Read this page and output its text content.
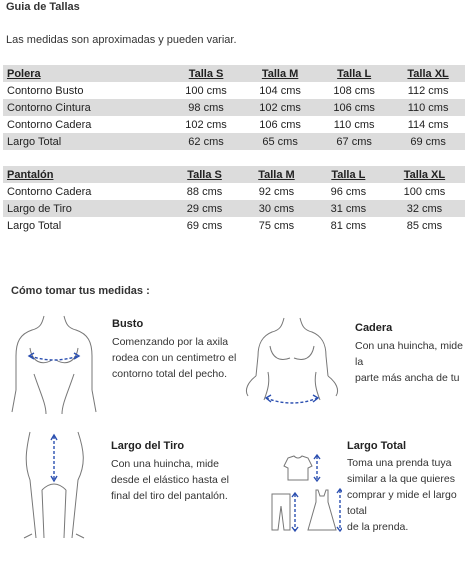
Guia de Tallas
Las medidas son aproximadas y pueden variar.
Polera	Talla S	Talla M	Talla L	Talla XL
Contorno Busto	100 cms	104 cms	108 cms	112 cms
Contorno Cintura	98 cms	102 cms	106 cms	110 cms
Contorno Cadera	102 cms	106 cms	110 cms	114 cms
Largo Total	62 cms	65 cms	67 cms	69 cms
Pantalón	Talla S	Talla M	Talla L	Talla XL
Contorno Cadera	88 cms	92 cms	96 cms	100 cms
Largo de Tiro	29 cms	30 cms	31 cms	32 cms
Largo Total	69 cms	75 cms	81 cms	85 cms
Cómo tomar tus medidas :
Busto
Comenzando por la axila
rodea con un centimetro el
contorno total del pecho.
Cadera
Con una huincha, mide la
parte más ancha de tu
Largo del Tiro
Con una huincha, mide
desde el elástico hasta el
final del tiro del pantalón.
Largo Total
Toma una prenda tuya
similar a la que quieres
comprar y mide el largo total
de la prenda.
